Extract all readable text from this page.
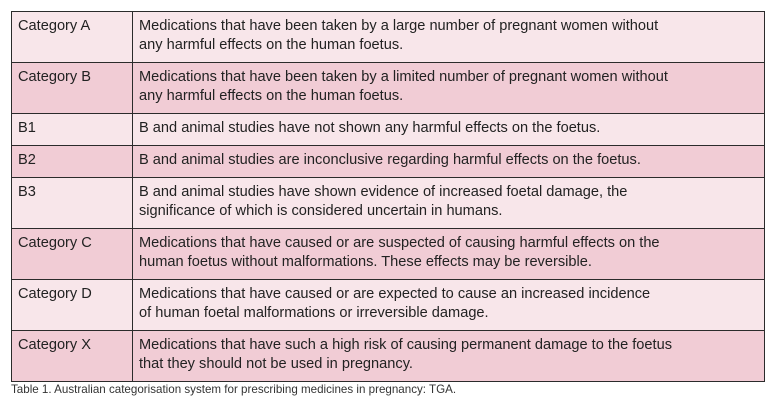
Category A	Medications that have been taken by a large number of pregnant women without
any harmful effects on the human foetus.
Category B	Medications that have been taken by a limited number of pregnant women without
any harmful effects on the human foetus.
B1	B and animal studies have not shown any harmful effects on the foetus.
B2	B and animal studies are inconclusive regarding harmful effects on the foetus.
B3	B and animal studies have shown evidence of increased foetal damage, the
significance of which is considered uncertain in humans.
Category C	Medications that have caused or are suspected of causing harmful effects on the
human foetus without malformations. These effects may be reversible.
Category D	Medications that have caused or are expected to cause an increased incidence
of human foetal malformations or irreversible damage.
Category X	Medications that have such a high risk of causing permanent damage to the foetus
that they should not be used in pregnancy.
Table 1. Australian categorisation system for prescribing medicines in pregnancy: TGA.
